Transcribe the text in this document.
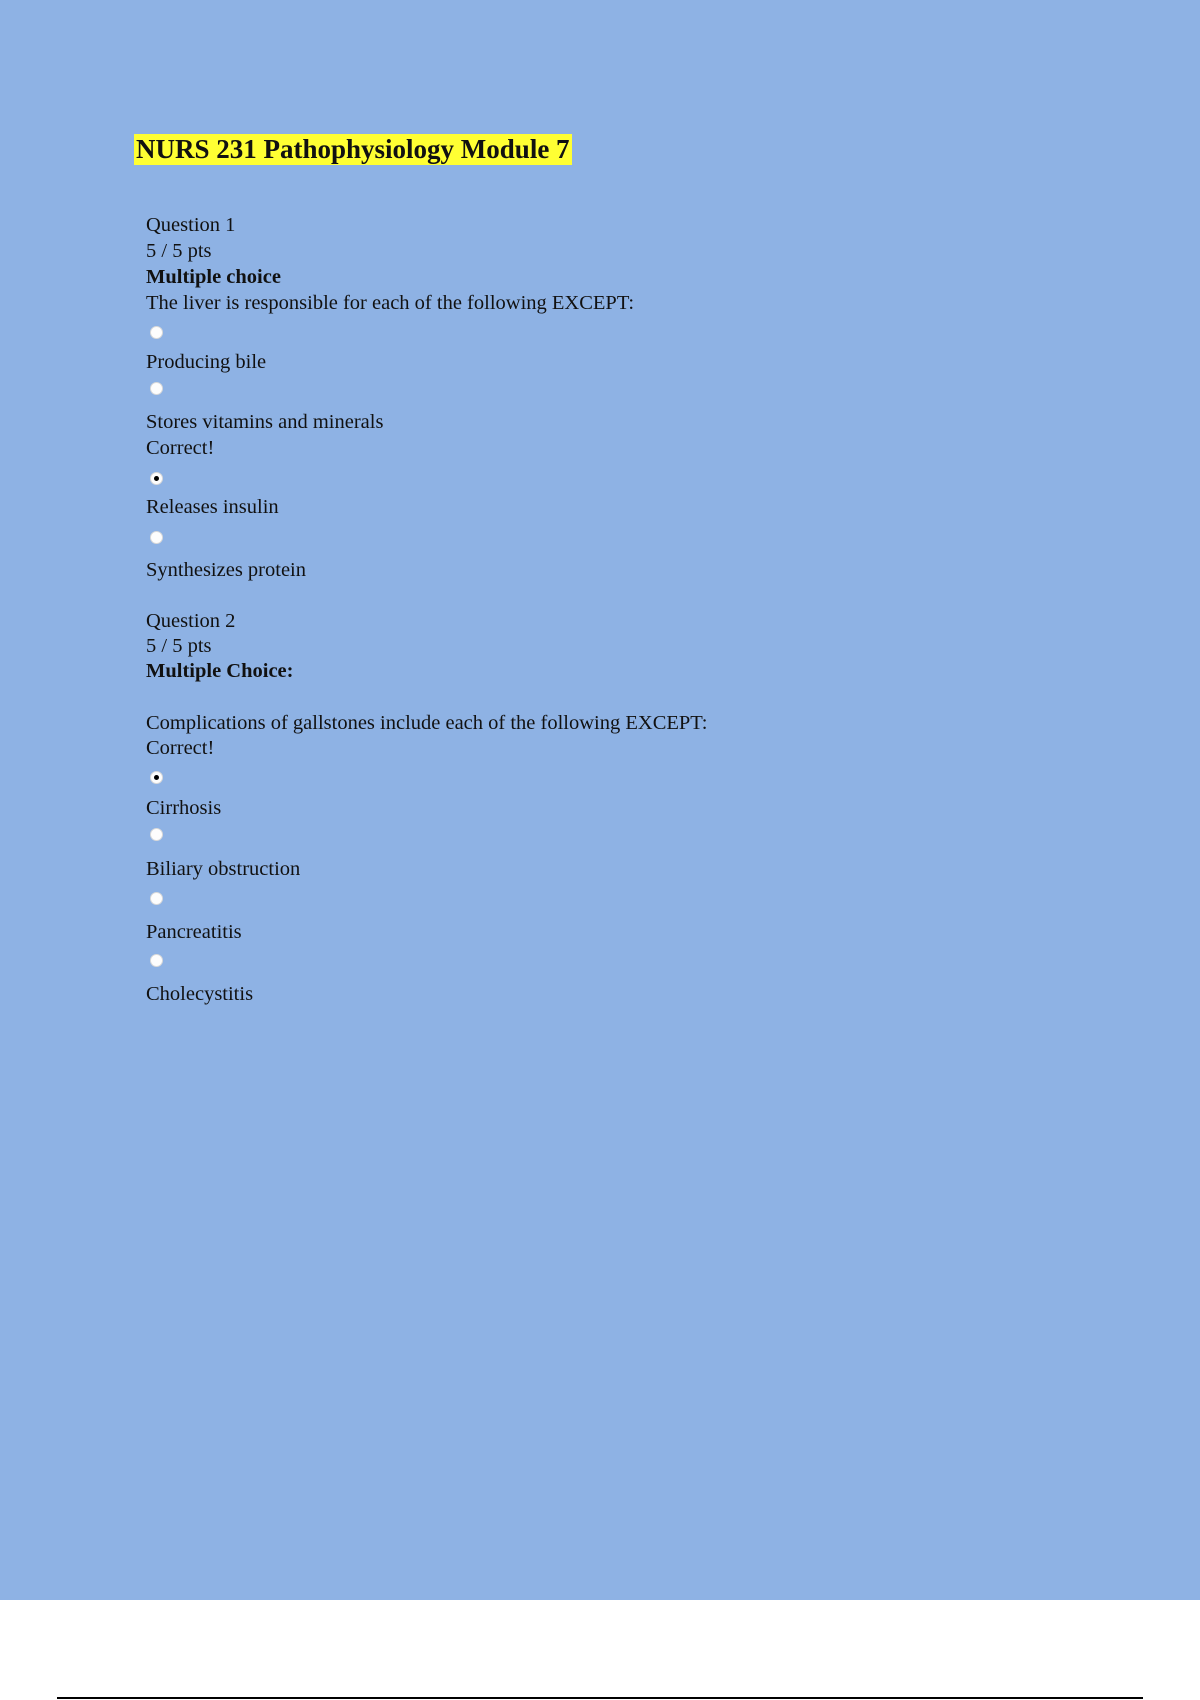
NURS 231 Pathophysiology Module 7
Question 1
5 / 5 pts
Multiple choice
The liver is responsible for each of the following EXCEPT:
Producing bile
Stores vitamins and minerals
Correct!
Releases insulin
Synthesizes protein
Question 2
5 / 5 pts
Multiple Choice:
Complications of gallstones include each of the following EXCEPT:
Correct!
Cirrhosis
Biliary obstruction
Pancreatitis
Cholecystitis
